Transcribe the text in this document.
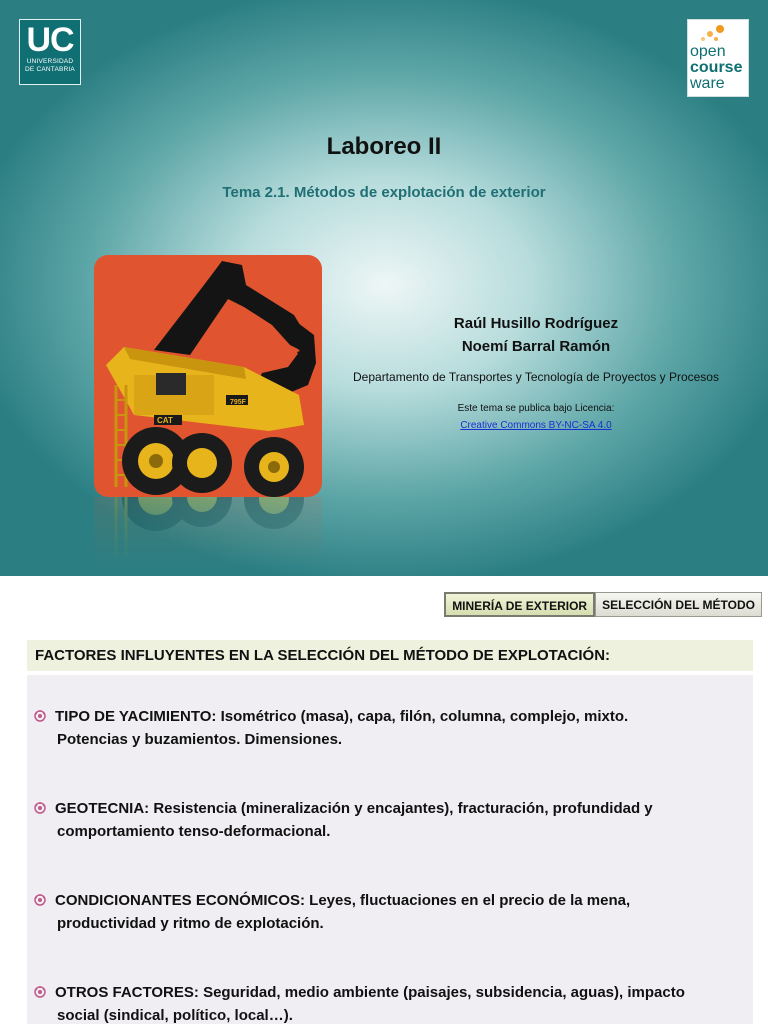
UC
UNIVERSIDAD
DE CANTABRIA
open
course
ware
Laboreo II
Tema 2.1. Métodos de explotación de exterior
795F
CAT
Raúl Husillo Rodríguez
Noemí Barral Ramón
Departamento de Transportes y Tecnología de Proyectos y Procesos
Este tema se publica bajo Licencia:
Creative Commons BY-NC-SA 4.0
MINERÍA DE EXTERIOR	SELECCIÓN DEL MÉTODO
FACTORES INFLUYENTES EN LA SELECCIÓN DEL MÉTODO DE EXPLOTACIÓN:
TIPO DE YACIMIENTO: Isométrico (masa), capa, filón, columna, complejo, mixto.
Potencias y buzamientos. Dimensiones.
GEOTECNIA: Resistencia (mineralización y encajantes), fracturación, profundidad y
comportamiento tenso-deformacional.
CONDICIONANTES ECONÓMICOS: Leyes, fluctuaciones en el precio de la mena,
productividad y ritmo de explotación.
OTROS FACTORES: Seguridad, medio ambiente (paisajes, subsidencia, aguas), impacto
social (sindical, político, local…).
